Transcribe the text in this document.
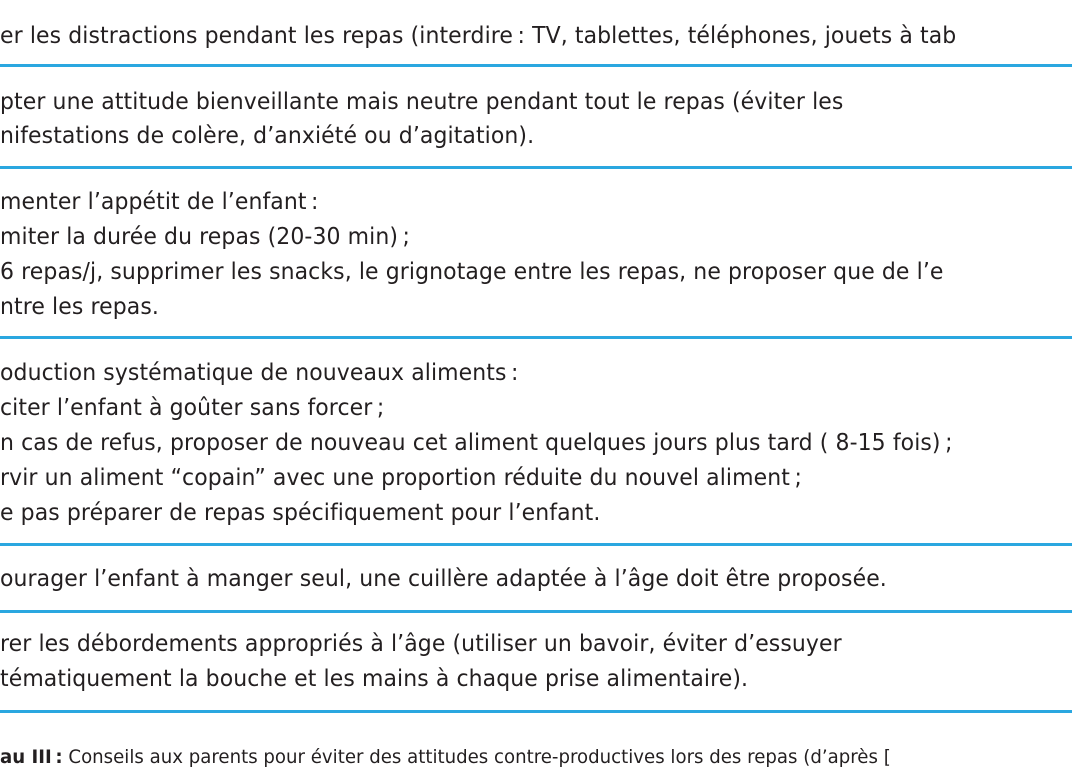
er les distractions pendant les repas (interdire : TV, tablettes, téléphones, jouets à tab
pter une attitude bienveillante mais neutre pendant tout le repas (éviter les
nifestations de colère, d’anxiété ou d’agitation).
menter l’appétit de l’enfant :
miter la durée du repas (20-30 min) ;
6 repas/j, supprimer les snacks, le grignotage entre les repas, ne proposer que de l’e
ntre les repas.
oduction systématique de nouveaux aliments :
citer l’enfant à goûter sans forcer ;
n cas de refus, proposer de nouveau cet aliment quelques jours plus tard ( 8-15 fois) ;
rvir un aliment “copain” avec une proportion réduite du nouvel aliment ;
e pas préparer de repas spécifiquement pour l’enfant.
ourager l’enfant à manger seul, une cuillère adaptée à l’âge doit être proposée.
rer les débordements appropriés à l’âge (utiliser un bavoir, éviter d’essuyer
tématiquement la bouche et les mains à chaque prise alimentaire).
au III : Conseils aux parents pour éviter des attitudes contre-productives lors des repas (d’après [
